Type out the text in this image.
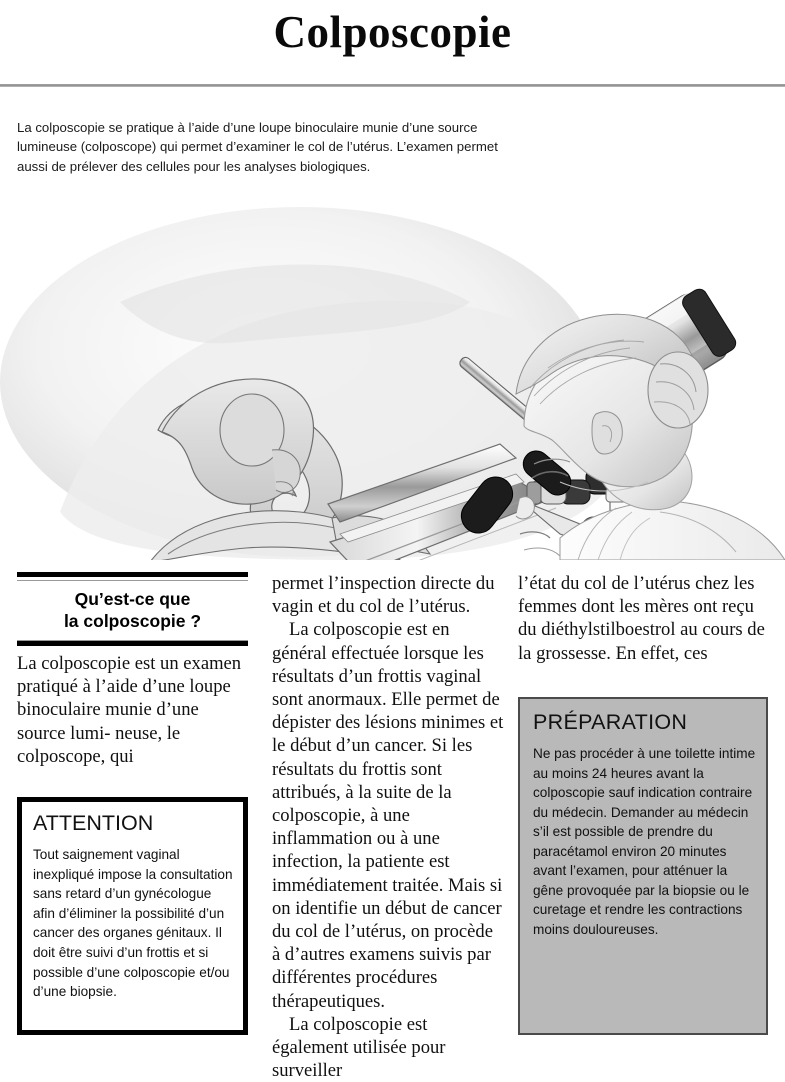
Colposcopie
La colposcopie se pratique à l’aide d’une loupe binoculaire munie d’une source lumineuse (colposcope) qui permet d’examiner le col de l’utérus. L’examen permet aussi de prélever des cellules pour les analyses biologiques.
Qu’est-ce que
la colposcopie ?

La colposcopie est un examen pratiqué à l’aide d’une loupe binoculaire munie d’une source lumi- neuse, le colposcope, qui

permet l’inspection directe du vagin et du col de l’utérus.

La colposcopie est en général effectuée lorsque les résultats d’un frottis vaginal sont anormaux. Elle permet de dépister des lésions minimes et le début d’un cancer. Si les résultats du frottis sont attribués, à la suite de la colposcopie, à une inflammation ou à une infection, la patiente est immédiatement traitée. Mais si on identifie un début de cancer du col de l’utérus, on procède à d’autres examens suivis par différentes procédures thérapeutiques.

La colposcopie est également utilisée pour surveiller

l’état du col de l’utérus chez les femmes dont les mères ont reçu du diéthylstilboestrol au cours de la grossesse. En effet, ces

ATTENTION
Tout saignement vaginal inexpliqué impose la consultation sans retard d’un gynécologue afin d’éliminer la possibilité d’un cancer des organes génitaux. Il doit être suivi d’un frottis et si possible d’une colposcopie et/ou d’une biopsie.
PRÉPARATION
Ne pas procéder à une toilette intime au moins 24 heures avant la colposcopie sauf indication contraire du médecin. Demander au médecin s’il est possible de prendre du paracétamol environ 20 minutes avant l’examen, pour atténuer la gêne provoquée par la biopsie ou le curetage et rendre les contractions moins douloureuses.
